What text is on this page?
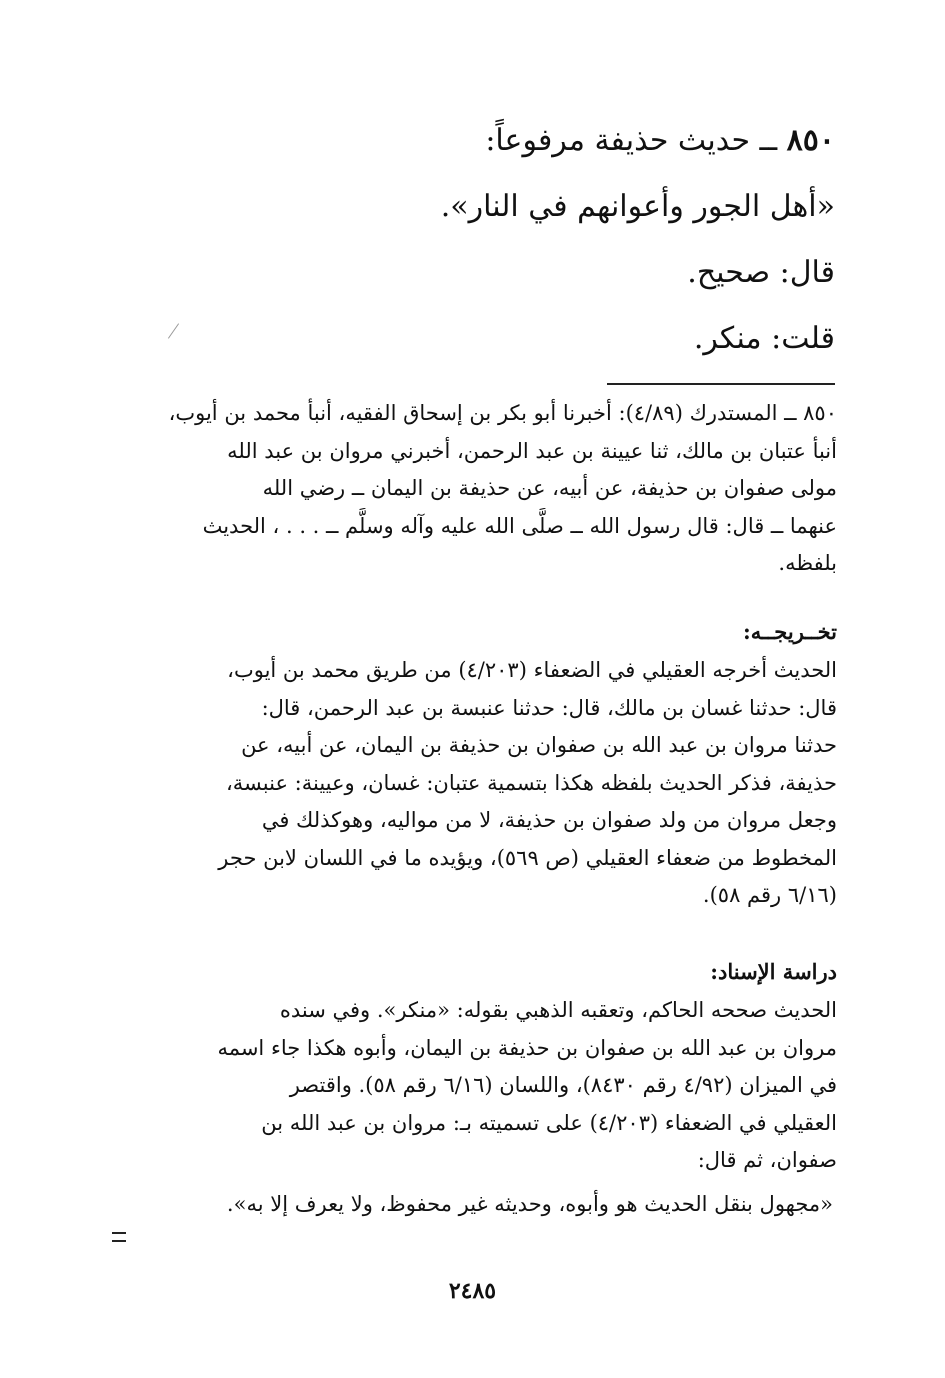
٨٥٠ ــ حديث حذيفة مرفوعاً:
«أهل الجور وأعوانهم في النار».
قال: صحيح.
قلت: منكر.
٨٥٠ ــ المستدرك (٤/٨٩): أخبرنا أبو بكر بن إسحاق الفقيه، أنبأ محمد بن أيوب،
أنبأ عتبان بن مالك، ثنا عيينة بن عبد الرحمن، أخبرني مروان بن عبد الله
مولى صفوان بن حذيفة، عن أبيه، عن حذيفة بن اليمان ــ رضي الله
عنهما ــ قال: قال رسول الله ــ صلَّى الله عليه وآله وسلَّم ــ . . . ، الحديث
بلفظه.
تخــريجــه:
الحديث أخرجه العقيلي في الضعفاء (٤/٢٠٣) من طريق محمد بن أيوب،
قال: حدثنا غسان بن مالك، قال: حدثنا عنبسة بن عبد الرحمن، قال:
حدثنا مروان بن عبد الله بن صفوان بن حذيفة بن اليمان، عن أبيه، عن
حذيفة، فذكر الحديث بلفظه هكذا بتسمية عتبان: غسان، وعيينة: عنبسة،
وجعل مروان من ولد صفوان بن حذيفة، لا من مواليه، وهوكذلك في
المخطوط من ضعفاء العقيلي (ص ٥٦٩)، ويؤيده ما في اللسان لابن حجر
(٦/١٦ رقم ٥٨).
دراسة الإسناد:
الحديث صححه الحاكم، وتعقبه الذهبي بقوله: «منكر». وفي سنده
مروان بن عبد الله بن صفوان بن حذيفة بن اليمان، وأبوه هكذا جاء اسمه
في الميزان (٤/٩٢ رقم ٨٤٣٠)، واللسان (٦/١٦ رقم ٥٨). واقتصر
العقيلي في الضعفاء (٤/٢٠٣) على تسميته بـ: مروان بن عبد الله بن
صفوان، ثم قال:
«مجهول بنقل الحديث هو وأبوه، وحديثه غير محفوظ، ولا يعرف إلا به».
٢٤٨٥
